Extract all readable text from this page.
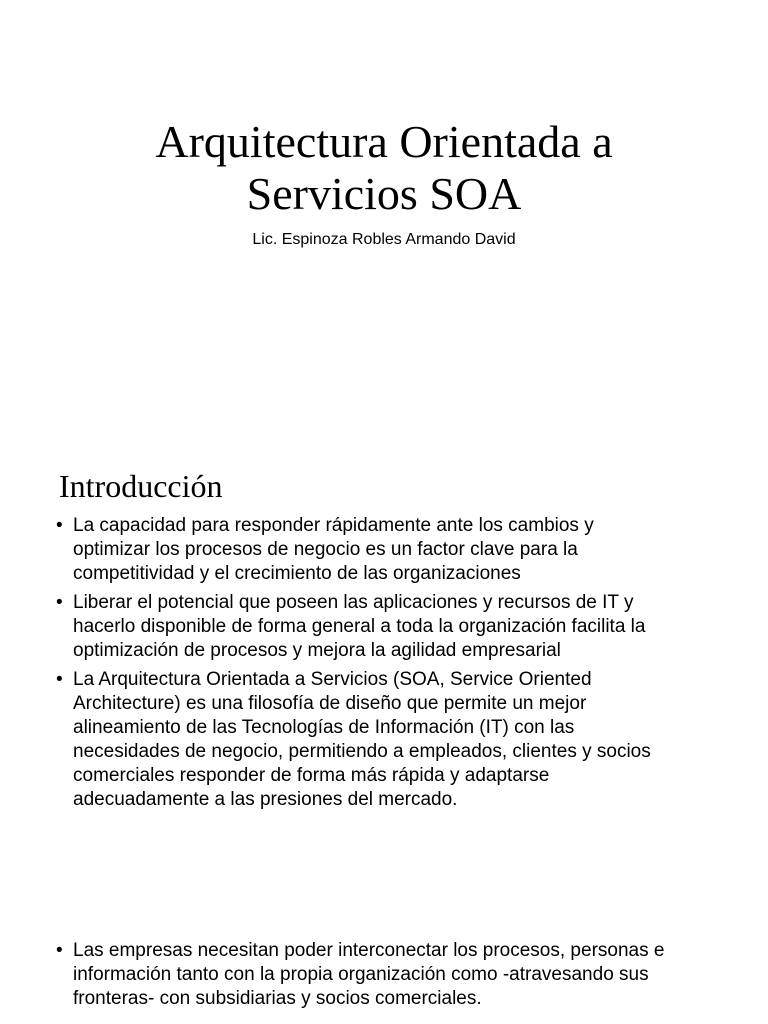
Arquitectura Orientada a
Servicios SOA
Lic. Espinoza Robles Armando David
Introducción
• La capacidad para responder rápidamente ante los cambios y
optimizar los procesos de negocio es un factor clave para la
competitividad y el crecimiento de las organizaciones
• Liberar el potencial que poseen las aplicaciones y recursos de IT y
hacerlo disponible de forma general a toda la organización facilita la
optimización de procesos y mejora la agilidad empresarial
• La Arquitectura Orientada a Servicios (SOA, Service Oriented
Architecture) es una filosofía de diseño que permite un mejor
alineamiento de las Tecnologías de Información (IT) con las
necesidades de negocio, permitiendo a empleados, clientes y socios
comerciales responder de forma más rápida y adaptarse
adecuadamente a las presiones del mercado.
• Las empresas necesitan poder interconectar los procesos, personas e
información tanto con la propia organización como -atravesando sus
fronteras- con subsidiarias y socios comerciales.
